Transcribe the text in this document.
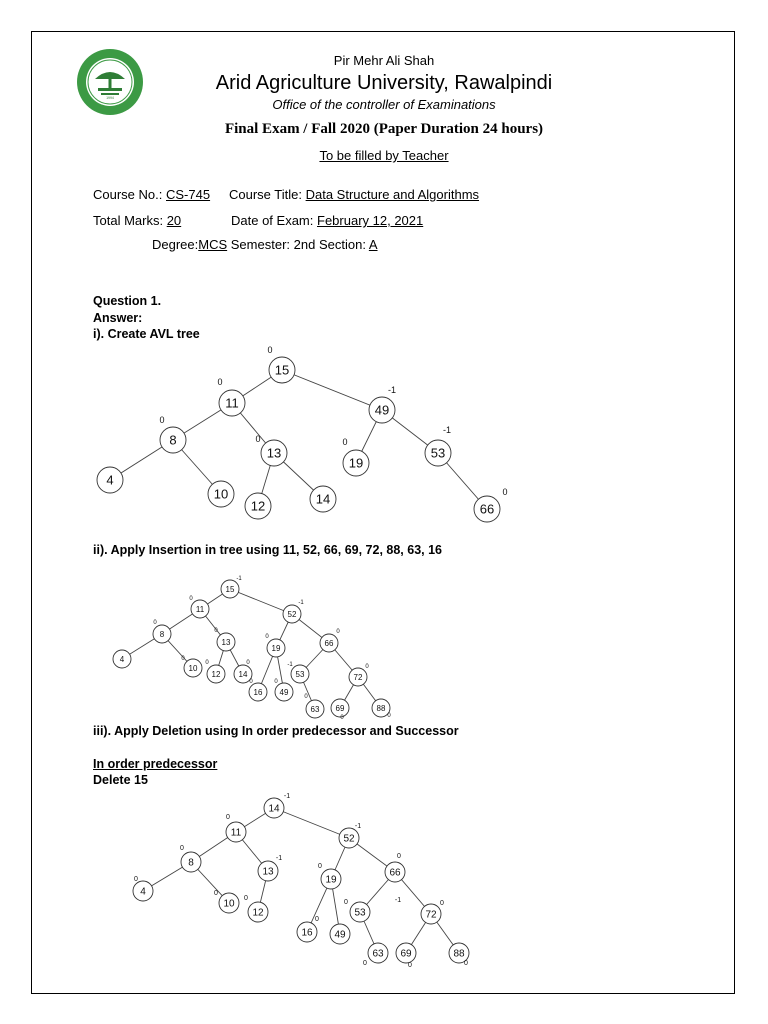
1994
Pir Mehr Ali Shah
Arid Agriculture University, Rawalpindi
Office of the controller of Examinations
Final Exam / Fall 2020 (Paper Duration 24 hours)
To be filled by Teacher
Course No.: CS-745 Course Title: Data Structure and Algorithms
Total Marks: 20	Date of Exam: February 12, 2021
Degree:MCS Semester: 2nd Section: A
Question 1.
Answer:
i). Create AVL tree
ii). Apply Insertion in tree using 11, 52, 66, 69, 72, 88, 63, 16
iii). Apply Deletion using In order predecessor and Successor
In order predecessor
Delete 15
15
0
11
0
49
-1
8
0
13
0
19
0
53
-1
4
10
12	14
66
0
15
-1
11
0
52
-1
8
0
13
0
19
0
66
0
4
10
0
12
0
14
0
16
0
49
0
53
-1
72
0
63
0
69
0
88
0
14
-1
11
0
52
-1
8
0
13
-1
19
0
66
0
4
0
10
0
12
0
16
0
49
0
53
-1
72
0
63
0
69
0
88
0
